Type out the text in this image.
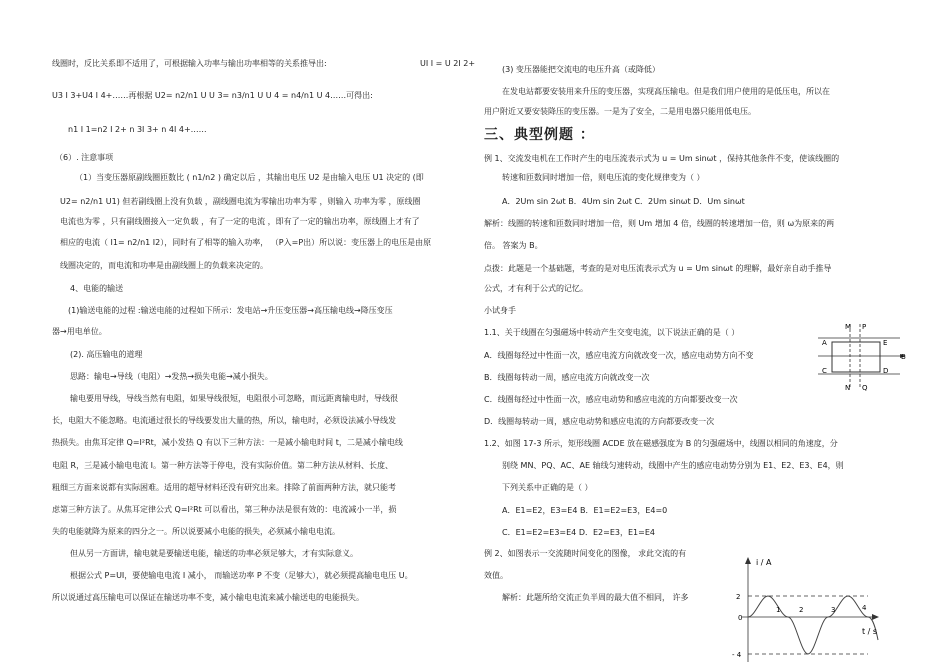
线圈时，反比关系即不适用了，可根据输入功率与输出功率相等的关系推导出:	UI I = U 2I 2+
U3 I 3+U4 I 4+……再根据 U2= n2/n1 U U 3= n3/n1 U U 4 = n4/n1 U 4……可得出:
n1 I 1=n2 I 2+ n 3I 3+ n 4I 4+……
（6）. 注意事项
（1）当变压器原副线圈匝数比 ( n1/n2 ) 确定以后 ，其输出电压 U2 是由输入电压 U1 决定的 (即
U2= n2/n1 U1) 但若副线圈上没有负载 ，副线圈电流为零输出功率为零 ，则输入 功率为零 ，原线圈
电流也为零 ，只有副线圈接入一定负载 ，有了一定的电流 ，即有了一定的输出功率，原线圈上才有了
相应的电流（ I1= n2/n1 I2），同时有了相等的输入功率， （P入=P出）所以说：变压器上的电压是由原
线圈决定的，而电流和功率是由副线圈上的负载来决定的。
4、电能的输送
(1)输送电能的过程 :输送电能的过程如下所示：发电站→升压变压器→高压输电线→降压变压
器→用电单位。
(2). 高压输电的道理
思路：输电→导线（电阻）→发热→损失电能→减小损失。
输电要用导线，导线当然有电阻，如果导线很短，电阻很小可忽略，而远距离输电时，导线很
长，电阻大不能忽略。电流通过很长的导线要发出大量的热，所以，输电时，必须设法减小导线发
热损失。由焦耳定律 Q=I²Rt，减小发热 Q 有以下三种方法：一是减小输电时间 t，二是减小输电线
电阻 R，三是减小输电电流 I。第一种方法等于停电，没有实际价值。第二种方法从材料、长度、
粗细三方面来说都有实际困难。适用的超导材料还没有研究出来。排除了前面两种方法，就只能考
虑第三种方法了。从焦耳定律公式 Q=I²Rt 可以看出，第三种办法是很有效的：电流减小一半，损
失的电能就降为原来的四分之一。所以说要减小电能的损失，必须减小输电电流。
但从另一方面讲，输电就是要输送电能，输送的功率必须足够大，才有实际意义。
根据公式 P=UI，要使输电电流 I 减小， 而输送功率 P 不变（足够大），就必须提高输电电压 U。
所以说通过高压输电可以保证在输送功率不变，减小输电电流来减小输送电的电能损失。
(3) 变压器能把交流电的电压升高（或降低）
在发电站都要安装用来升压的变压器，实现高压输电。但是我们用户使用的是低压电，所以在
用户附近又要安装降压的变压器。一是为了安全，二是用电器只能用低电压。
三、典型例题 ：
例 1、交流发电机在工作时产生的电压流表示式为 u = Um sinωt ，保持其他条件不变，使该线圈的
转速和匝数同时增加一倍，则电压流的变化规律变为（ ）
A．2Um sin 2ωt B．4Um sin 2ωt C．2Um sinωt D．Um sinωt
解析：线圈的转速和匝数同时增加一倍，则 Um 增加 4 倍，线圈的转速增加一倍，则 ω为原来的两
倍。 答案为 B。
点拨：此题是一个基础题，考查的是对电压流表示式为 u = Um sinωt 的理解，最好亲自动手推导
公式，才有利于公式的记忆。
小试身手
1.1、关于线圈在匀强磁场中转动产生交变电流，以下说法正确的是（ ）
A．线圈每经过中性面一次，感应电流方向就改变一次，感应电动势方向不变
B．线圈每转动一周，感应电流方向就改变一次
C．线圈每经过中性面一次，感应电动势和感应电流的方向都要改变一次
D．线圈每转动一周，感应电动势和感应电流的方向都要改变一次
1.2、如图 17-3 所示，矩形线圈 ACDE 放在磁感强度为 B 的匀强磁场中，线圈以相同的角速度，分
别绕 MN、PQ、AC、AE 轴线匀速转动，线圈中产生的感应电动势分别为 E1、E2、E3、E4，则
下列关系中正确的是（ ）
A．E1=E2，E3=E4 B．E1=E2=E3，E4=0
C．E1=E2=E3=E4 D．E2=E3，E1=E4
例 2、如图表示一交流随时间变化的图像， 求此交流的有
效值。
解析：此题所给交流正负半周的最大值不相同， 许多
M P
A	E
B
C	D
N Q
i / A
t / s
2
0
- 4
1	2	3	4
